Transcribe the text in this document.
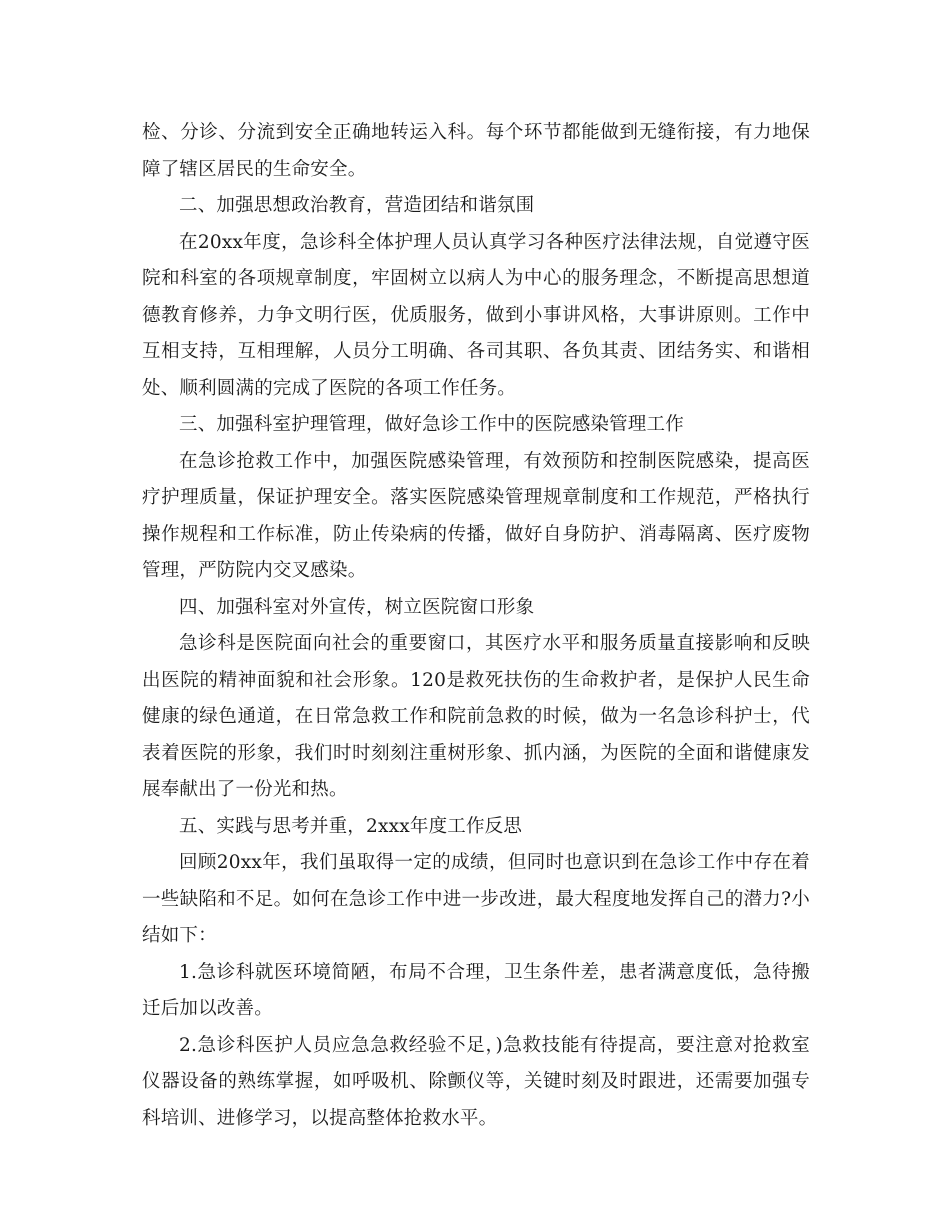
检、分诊、分流到安全正确地转运入科。每个环节都能做到无缝衔接，有力地保障了辖区居民的生命安全。

二、加强思想政治教育，营造团结和谐氛围

在20xx年度，急诊科全体护理人员认真学习各种医疗法律法规，自觉遵守医院和科室的各项规章制度，牢固树立以病人为中心的服务理念，不断提高思想道德教育修养，力争文明行医，优质服务，做到小事讲风格，大事讲原则。工作中互相支持，互相理解，人员分工明确、各司其职、各负其责、团结务实、和谐相处、顺利圆满的完成了医院的各项工作任务。

三、加强科室护理管理，做好急诊工作中的医院感染管理工作

在急诊抢救工作中，加强医院感染管理，有效预防和控制医院感染，提高医疗护理质量，保证护理安全。落实医院感染管理规章制度和工作规范，严格执行操作规程和工作标准，防止传染病的传播，做好自身防护、消毒隔离、医疗废物管理，严防院内交叉感染。

四、加强科室对外宣传，树立医院窗口形象

急诊科是医院面向社会的重要窗口，其医疗水平和服务质量直接影响和反映出医院的精神面貌和社会形象。120是救死扶伤的生命救护者，是保护人民生命健康的绿色通道，在日常急救工作和院前急救的时候，做为一名急诊科护士，代表着医院的形象，我们时时刻刻注重树形象、抓内涵，为医院的全面和谐健康发展奉献出了一份光和热。

五、实践与思考并重，2xxx年度工作反思

回顾20xx年，我们虽取得一定的成绩，但同时也意识到在急诊工作中存在着一些缺陷和不足。如何在急诊工作中进一步改进，最大程度地发挥自己的潜力?小结如下：

1.急诊科就医环境简陋，布局不合理，卫生条件差，患者满意度低，急待搬迁后加以改善。

2.急诊科医护人员应急急救经验不足，)急救技能有待提高，要注意对抢救室仪器设备的熟练掌握，如呼吸机、除颤仪等，关键时刻及时跟进，还需要加强专科培训、进修学习，以提高整体抢救水平。
